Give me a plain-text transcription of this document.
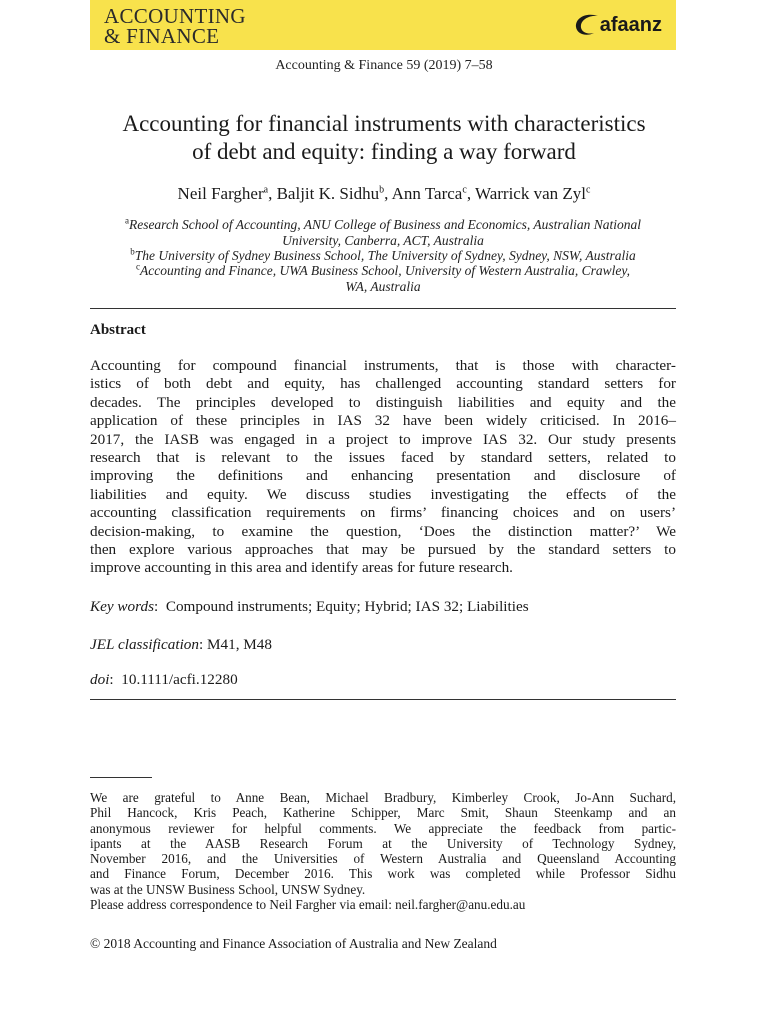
ACCOUNTING
& FINANCE	afaanz
Accounting & Finance 59 (2019) 7–58
Accounting for financial instruments with characteristics
of debt and equity: finding a way forward
Neil Fargher$^a$, Baljit K. Sidhu$^b$, Ann Tarca$^c$, Warrick van Zyl$^c$
$^a$Research School of Accounting, ANU College of Business and Economics, Australian National
University, Canberra, ACT, Australia
$^b$The University of Sydney Business School, The University of Sydney, Sydney, NSW, Australia
$^c$Accounting and Finance, UWA Business School, University of Western Australia, Crawley,
WA, Australia
Abstract
Accounting for compound financial instruments, that is those with character-
istics of both debt and equity, has challenged accounting standard setters for
decades. The principles developed to distinguish liabilities and equity and the
application of these principles in IAS 32 have been widely criticised. In 2016–
2017, the IASB was engaged in a project to improve IAS 32. Our study presents
research that is relevant to the issues faced by standard setters, related to
improving the definitions and enhancing presentation and disclosure of
liabilities and equity. We discuss studies investigating the effects of the
accounting classification requirements on firms’ financing choices and on users’
decision-making, to examine the question, ‘Does the distinction matter?’ We
then explore various approaches that may be pursued by the standard setters to
improve accounting in this area and identify areas for future research.
Key words:  Compound instruments; Equity; Hybrid; IAS 32; Liabilities
JEL classification: M41, M48
doi:  10.1111/acfi.12280
We are grateful to Anne Bean, Michael Bradbury, Kimberley Crook, Jo-Ann Suchard,
Phil Hancock, Kris Peach, Katherine Schipper, Marc Smit, Shaun Steenkamp and an
anonymous reviewer for helpful comments. We appreciate the feedback from partic-
ipants at the AASB Research Forum at the University of Technology Sydney,
November 2016, and the Universities of Western Australia and Queensland Accounting
and Finance Forum, December 2016. This work was completed while Professor Sidhu
was at the UNSW Business School, UNSW Sydney.
Please address correspondence to Neil Fargher via email: neil.fargher@anu.edu.au
© 2018 Accounting and Finance Association of Australia and New Zealand
